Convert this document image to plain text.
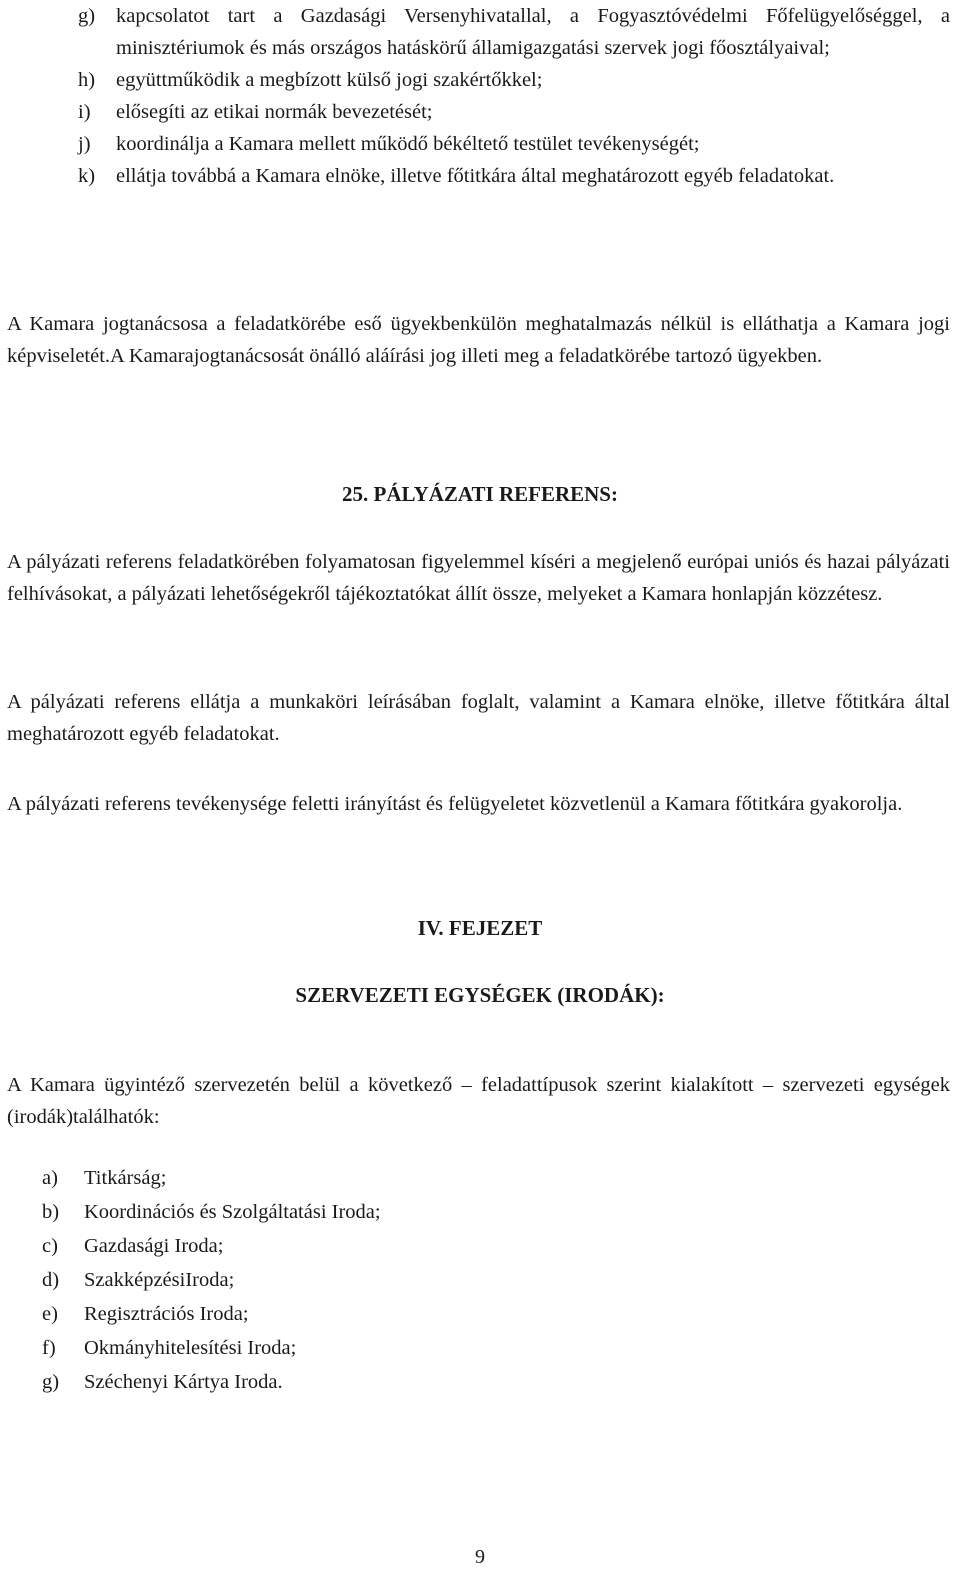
g) kapcsolatot tart a Gazdasági Versenyhivatallal, a Fogyasztóvédelmi Főfelügyelőséggel, a minisztériumok és más országos hatáskörű államigazgatási szervek jogi főosztályaival;
h) együttműködik a megbízott külső jogi szakértőkkel;
i) elősegíti az etikai normák bevezetését;
j) koordinálja a Kamara mellett működő békéltető testület tevékenységét;
k) ellátja továbbá a Kamara elnöke, illetve főtitkára által meghatározott egyéb feladatokat.

A Kamara jogtanácsosa a feladatkörébe eső ügyekbenkülön meghatalmazás nélkül is elláthatja a Kamara jogi képviseletét.A Kamarajogtanácsosát önálló aláírási jog illeti meg a feladatkörébe tartozó ügyekben.

25. PÁLYÁZATI REFERENS:

A pályázati referens feladatkörében folyamatosan figyelemmel kíséri a megjelenő európai uniós és hazai pályázati felhívásokat, a pályázati lehetőségekről tájékoztatókat állít össze, melyeket a Kamara honlapján közzétesz.

A pályázati referens ellátja a munkaköri leírásában foglalt, valamint a Kamara elnöke, illetve főtitkára által meghatározott egyéb feladatokat.

A pályázati referens tevékenysége feletti irányítást és felügyeletet közvetlenül a Kamara főtitkára gyakorolja.

IV. FEJEZET
SZERVEZETI EGYSÉGEK (IRODÁK):

A Kamara ügyintéző szervezetén belül a következő – feladattípusok szerint kialakított – szervezeti egységek (irodák)találhatók:

a) Titkárság;
b) Koordinációs és Szolgáltatási Iroda;
c) Gazdasági Iroda;
d) SzakképzésiIroda;
e) Regisztrációs Iroda;
f) Okmányhitelesítési Iroda;
g) Széchenyi Kártya Iroda.
9
